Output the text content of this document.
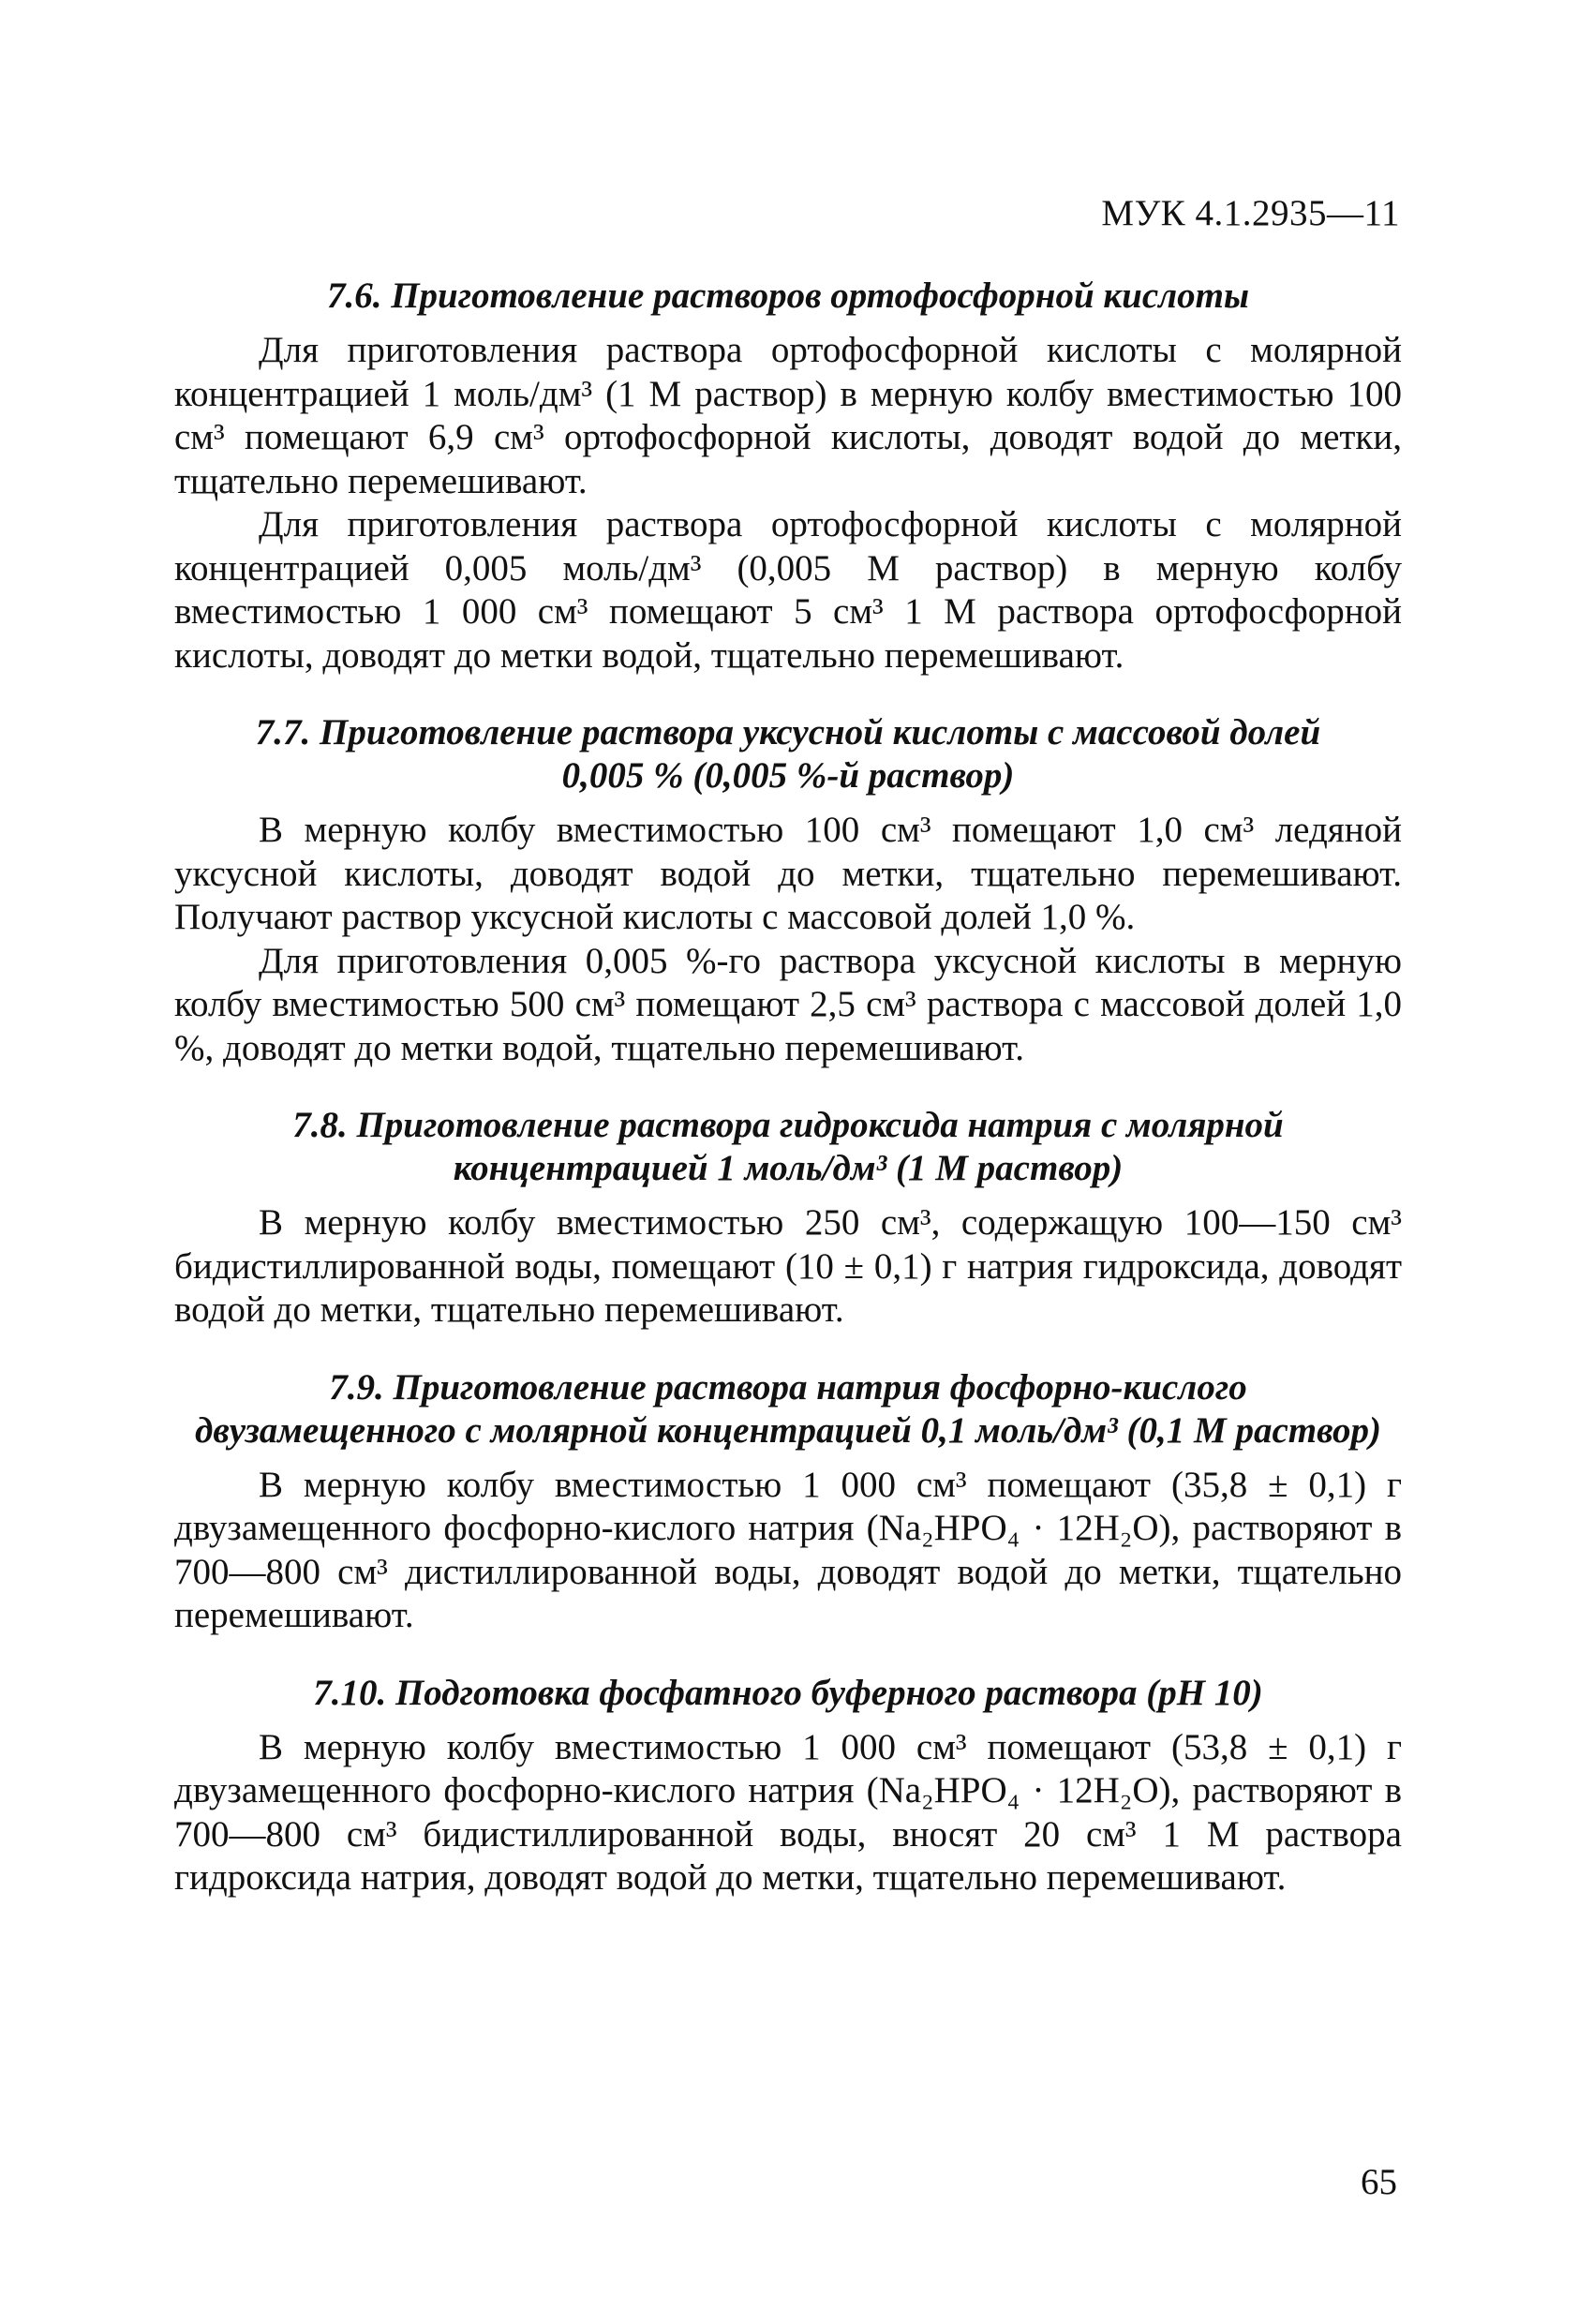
МУК 4.1.2935—11
7.6. Приготовление растворов ортофосфорной кислоты

Для приготовления раствора ортофосфорной кислоты с молярной концентрацией 1 моль/дм³ (1 М раствор) в мерную колбу вместимостью 100 см³ помещают 6,9 см³ ортофосфорной кислоты, доводят водой до метки, тщательно перемешивают.

Для приготовления раствора ортофосфорной кислоты с молярной концентрацией 0,005 моль/дм³ (0,005 М раствор) в мерную колбу вместимостью 1 000 см³ помещают 5 см³ 1 М раствора ортофосфорной кислоты, доводят до метки водой, тщательно перемешивают.

7.7. Приготовление раствора уксусной кислоты с массовой долей
0,005 % (0,005 %-й раствор)

В мерную колбу вместимостью 100 см³ помещают 1,0 см³ ледяной уксусной кислоты, доводят водой до метки, тщательно перемешивают. Получают раствор уксусной кислоты с массовой долей 1,0 %.

Для приготовления 0,005 %-го раствора уксусной кислоты в мерную колбу вместимостью 500 см³ помещают 2,5 см³ раствора с массовой долей 1,0 %, доводят до метки водой, тщательно перемешивают.

7.8. Приготовление раствора гидроксида натрия с молярной
концентрацией 1 моль/дм³ (1 М раствор)

В мерную колбу вместимостью 250 см³, содержащую 100—150 см³ бидистиллированной воды, помещают (10 ± 0,1) г натрия гидроксида, доводят водой до метки, тщательно перемешивают.

7.9. Приготовление раствора натрия фосфорно-кислого
двузамещенного с молярной концентрацией 0,1 моль/дм³ (0,1 М раствор)

В мерную колбу вместимостью 1 000 см³ помещают (35,8 ± 0,1) г двузамещенного фосфорно-кислого натрия (Na₂HPO₄ · 12H₂O), растворяют в 700—800 см³ дистиллированной воды, доводят водой до метки, тщательно перемешивают.

7.10. Подготовка фосфатного буферного раствора (pH 10)

В мерную колбу вместимостью 1 000 см³ помещают (53,8 ± 0,1) г двузамещенного фосфорно-кислого натрия (Na₂HPO₄ · 12H₂O), растворяют в 700—800 см³ бидистиллированной воды, вносят 20 см³ 1 М раствора гидроксида натрия, доводят водой до метки, тщательно перемешивают.

65
